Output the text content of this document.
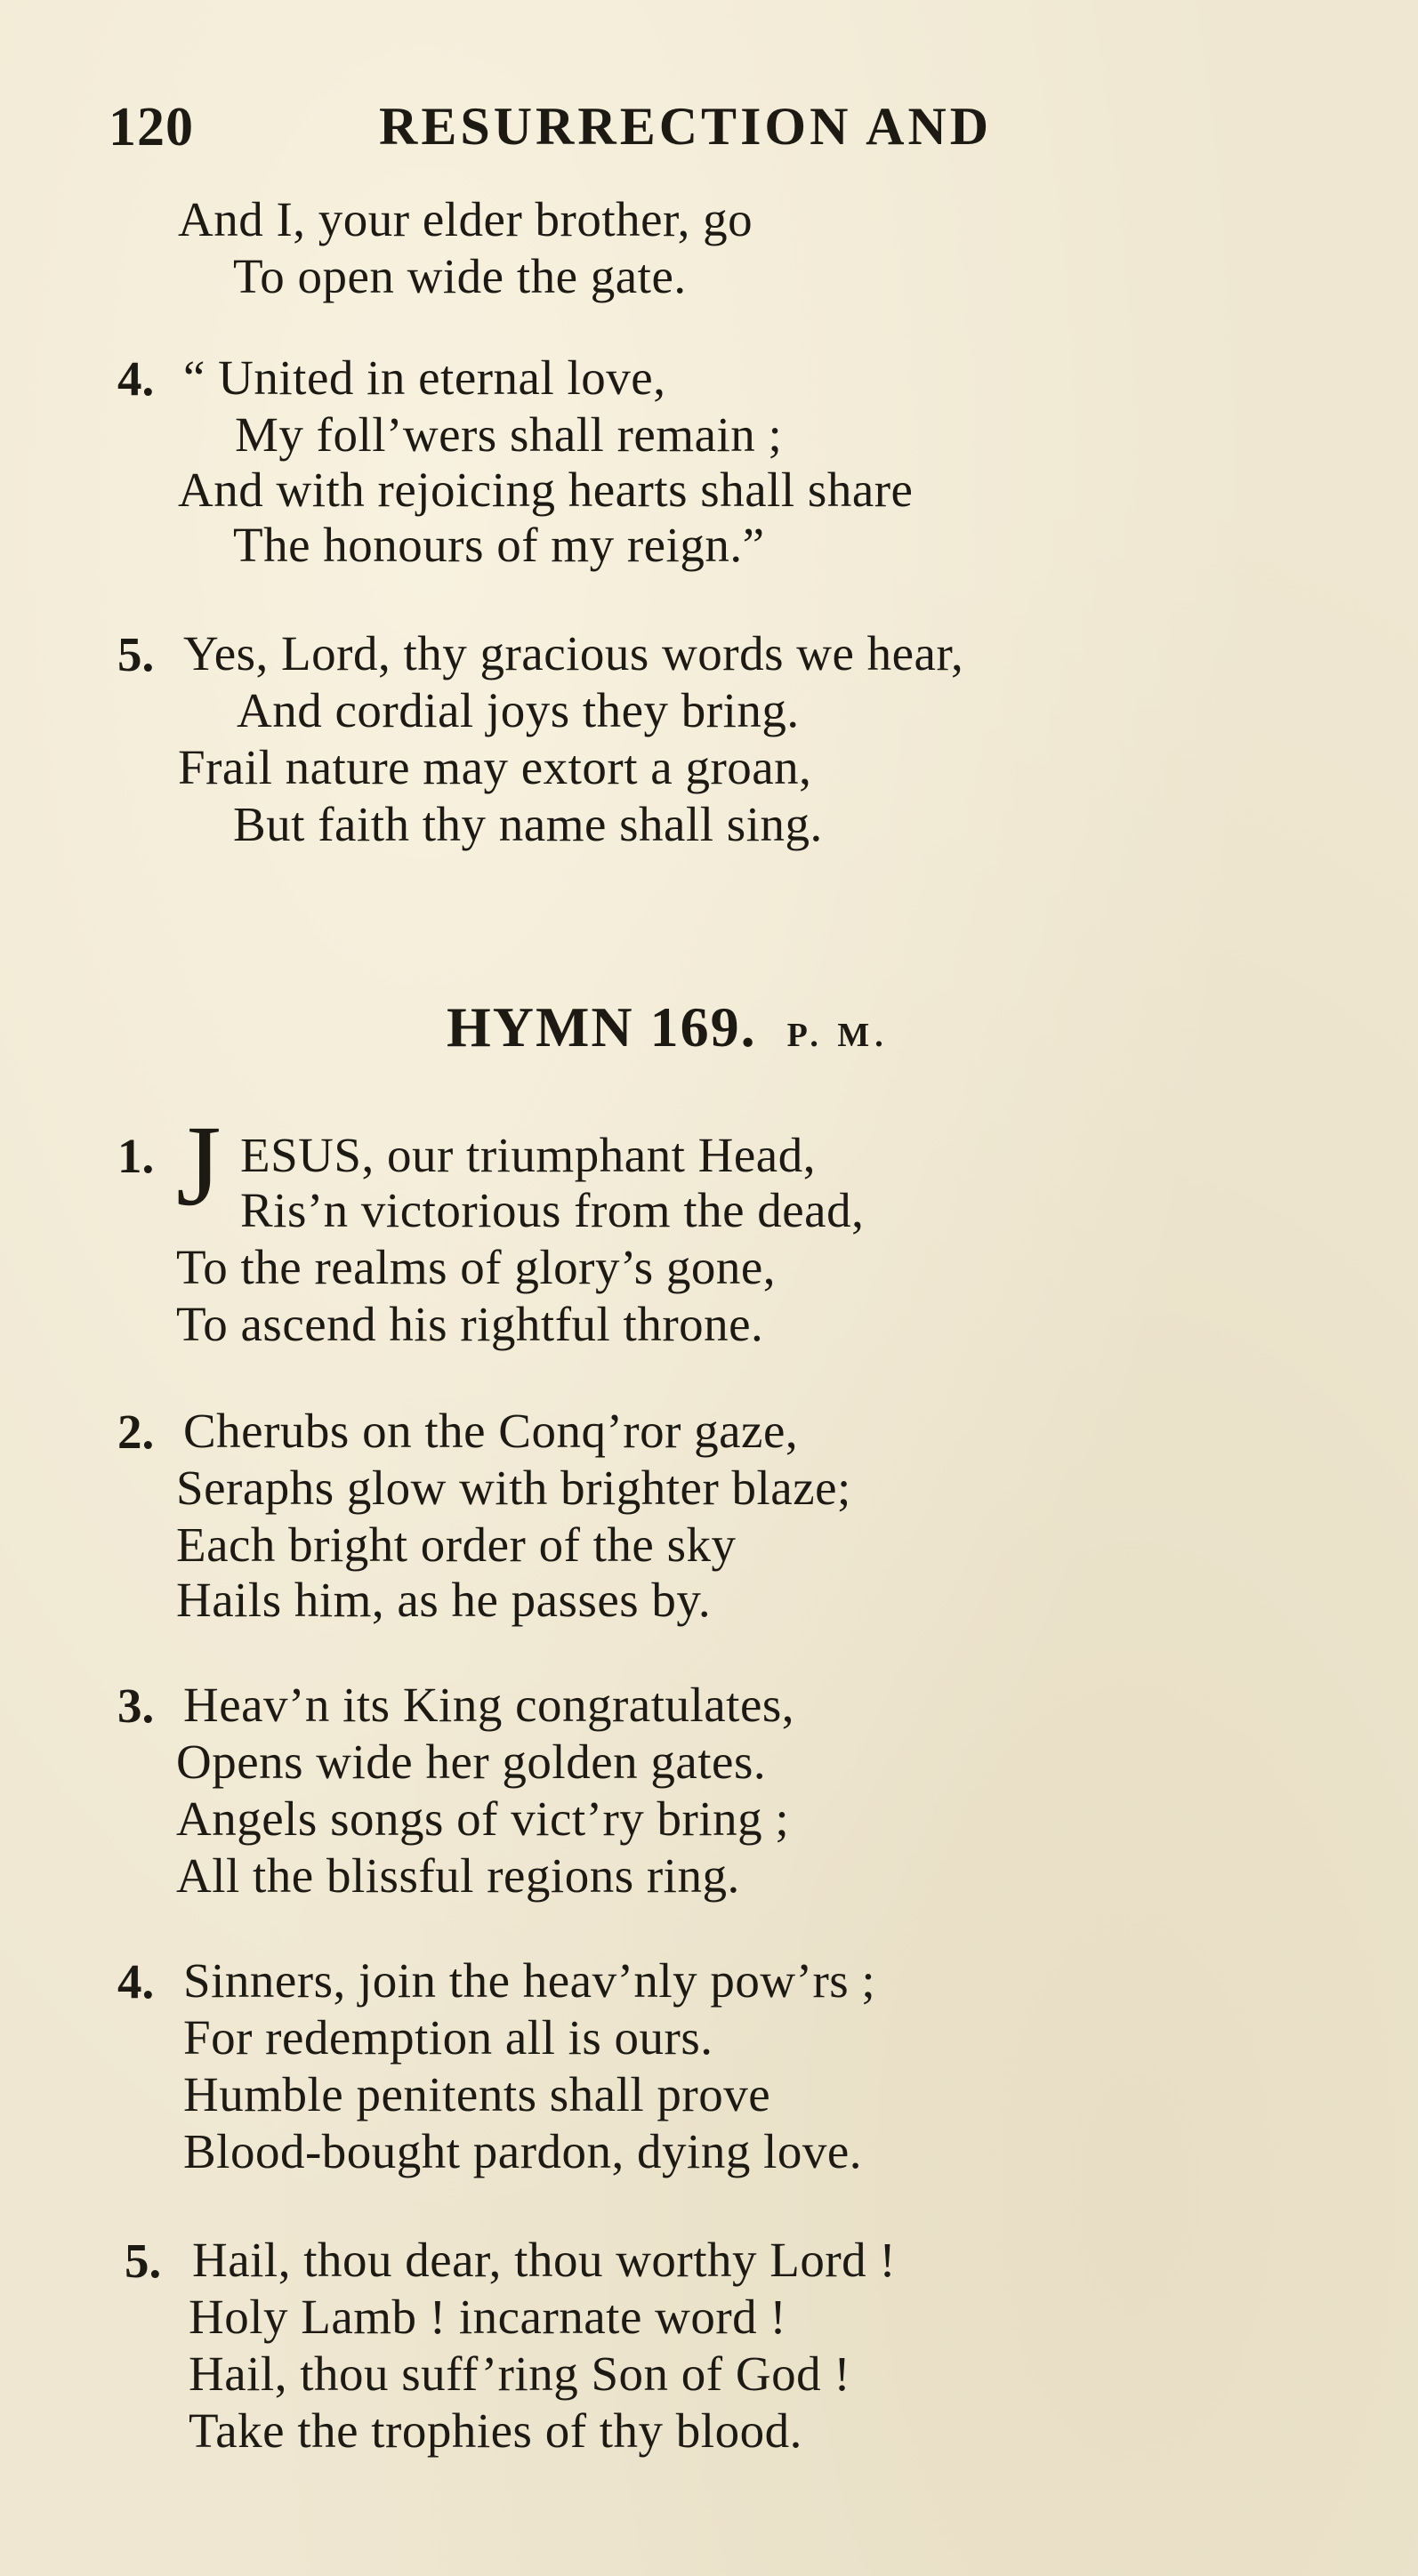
120	RESURRECTION AND
And I, your elder brother, go
To open wide the gate.
4. “ United in eternal love,
My foll’wers shall remain ;
And with rejoicing hearts shall share
The honours of my reign.”
5. Yes, Lord, thy gracious words we hear,
And cordial joys they bring.
Frail nature may extort a groan,
But faith thy name shall sing.
HYMN 169. P. M.
1. J ESUS, our triumphant Head,
Ris’n victorious from the dead,
To the realms of glory’s gone,
To ascend his rightful throne.
2. Cherubs on the Conq’ror gaze,
Seraphs glow with brighter blaze;
Each bright order of the sky
Hails him, as he passes by.
3. Heav’n its King congratulates,
Opens wide her golden gates.
Angels songs of vict’ry bring ;
All the blissful regions ring.
4. Sinners, join the heav’nly pow’rs ;
For redemption all is ours.
Humble penitents shall prove
Blood-bought pardon, dying love.
5. Hail, thou dear, thou worthy Lord !
Holy Lamb ! incarnate word !
Hail, thou suff’ring Son of God !
Take the trophies of thy blood.
